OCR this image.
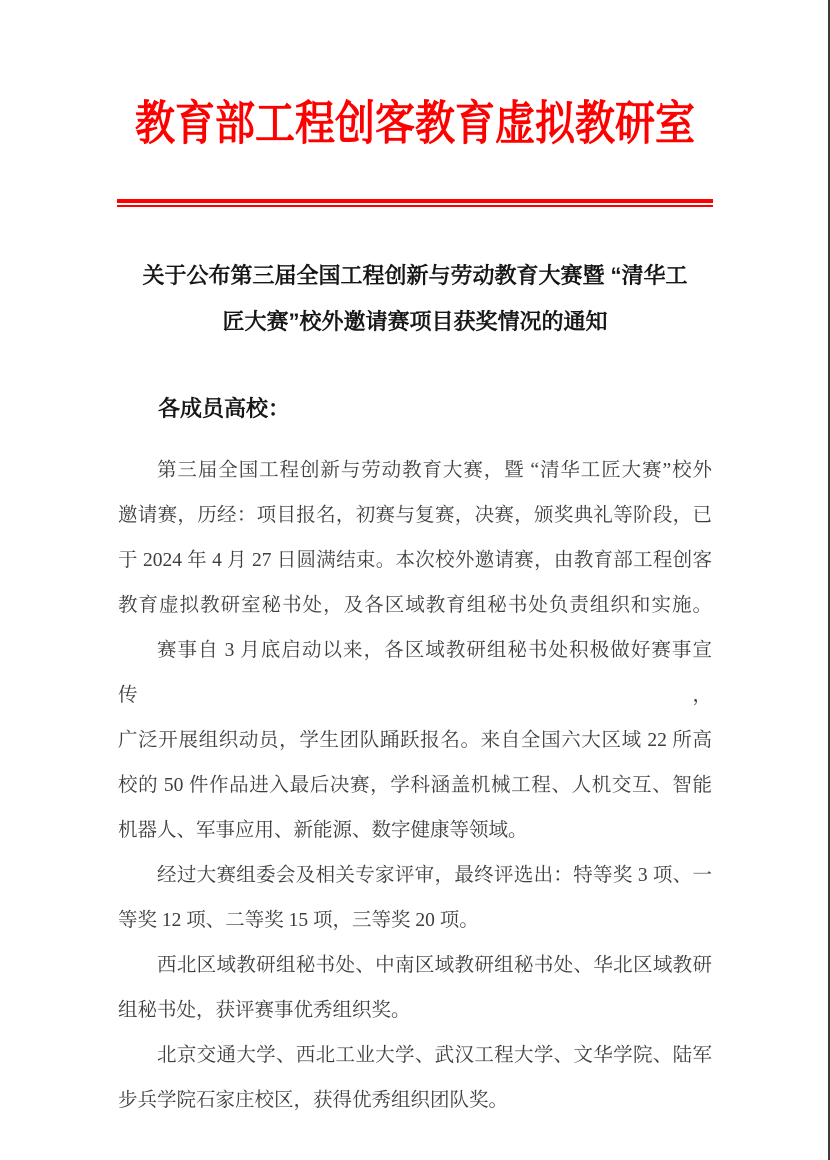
教育部工程创客教育虚拟教研室
关于公布第三届全国工程创新与劳动教育大赛暨 “清华工
匠大赛”校外邀请赛项目获奖情况的通知
各成员高校：
第三届全国工程创新与劳动教育大赛，暨 “清华工匠大赛”校外
邀请赛，历经：项目报名，初赛与复赛，决赛，颁奖典礼等阶段，已
于 2024 年 4 月 27 日圆满结束。本次校外邀请赛，由教育部工程创客
教育虚拟教研室秘书处，及各区域教育组秘书处负责组织和实施。
赛事自 3 月底启动以来，各区域教研组秘书处积极做好赛事宣传，
广泛开展组织动员，学生团队踊跃报名。来自全国六大区域 22 所高
校的 50 件作品进入最后决赛，学科涵盖机械工程、人机交互、智能
机器人、军事应用、新能源、数字健康等领域。
经过大赛组委会及相关专家评审，最终评选出：特等奖 3 项、一
等奖 12 项、二等奖 15 项，三等奖 20 项。
西北区域教研组秘书处、中南区域教研组秘书处、华北区域教研
组秘书处，获评赛事优秀组织奖。
北京交通大学、西北工业大学、武汉工程大学、文华学院、陆军
步兵学院石家庄校区，获得优秀组织团队奖。
